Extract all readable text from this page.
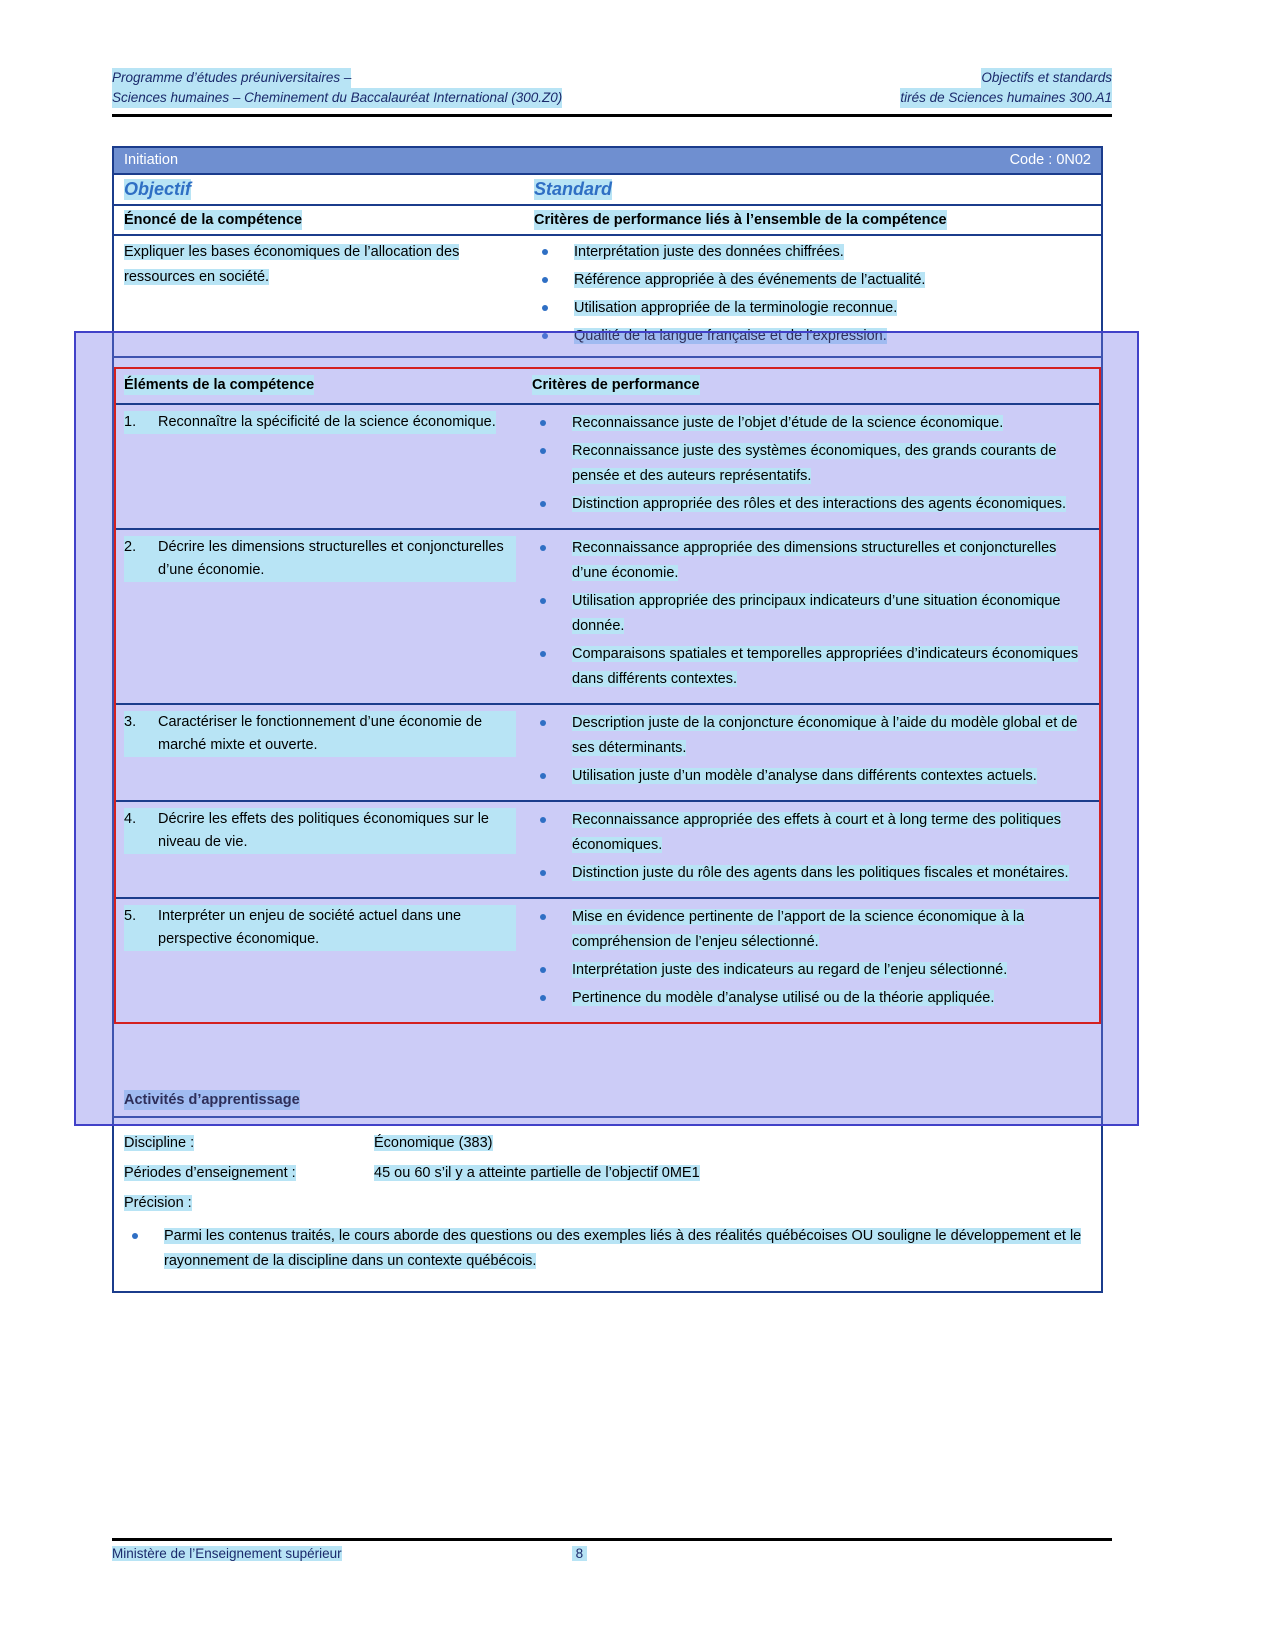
Programme d’études préuniversitaires –	Objectifs et standards
Sciences humaines – Cheminement du Baccalauréat International (300.Z0)	tirés de Sciences humaines 300.A1
Initiation	Code : 0N02
Objectif	Standard
Énoncé de la compétence	Critères de performance liés à l’ensemble de la compétence
Expliquer les bases économiques de l’allocation des ressources en société.
Interprétation juste des données chiffrées.
Référence appropriée à des événements de l’actualité.
Utilisation appropriée de la terminologie reconnue.
Qualité de la langue française et de l’expression.
Activités d’apprentissage
Discipline :	Économique (383)
Périodes d’enseignement :	45 ou 60 s’il y a atteinte partielle de l’objectif 0ME1
Précision :
Parmi les contenus traités, le cours aborde des questions ou des exemples liés à des réalités québécoises OU souligne le développement et le rayonnement de la discipline dans un contexte québécois.
Éléments de la compétence	Critères de performance
1.	Reconnaître la spécificité de la science économique.	Reconnaissance juste de l’objet d’étude de la science économique.
Reconnaissance juste des systèmes économiques, des grands courants de pensée et des auteurs représentatifs.
Distinction appropriée des rôles et des interactions des agents économiques.
2.	Décrire les dimensions structurelles et conjoncturelles d’une économie.
Reconnaissance appropriée des dimensions structurelles et conjoncturelles d’une économie.
Utilisation appropriée des principaux indicateurs d’une situation économique donnée.
Comparaisons spatiales et temporelles appropriées d’indicateurs économiques dans différents contextes.
3.	Caractériser le fonctionnement d’une économie de marché mixte et ouverte.
Description juste de la conjoncture économique à l’aide du modèle global et de ses déterminants.
Utilisation juste d’un modèle d’analyse dans différents contextes actuels.
4.	Décrire les effets des politiques économiques sur le niveau de vie.
Reconnaissance appropriée des effets à court et à long terme des politiques économiques.
Distinction juste du rôle des agents dans les politiques fiscales et monétaires.
5.	Interpréter un enjeu de société actuel dans une perspective économique.
Mise en évidence pertinente de l’apport de la science économique à la compréhension de l’enjeu sélectionné.
Interprétation juste des indicateurs au regard de l’enjeu sélectionné.
Pertinence du modèle d’analyse utilisé ou de la théorie appliquée.
Ministère de l’Enseignement supérieur	8
